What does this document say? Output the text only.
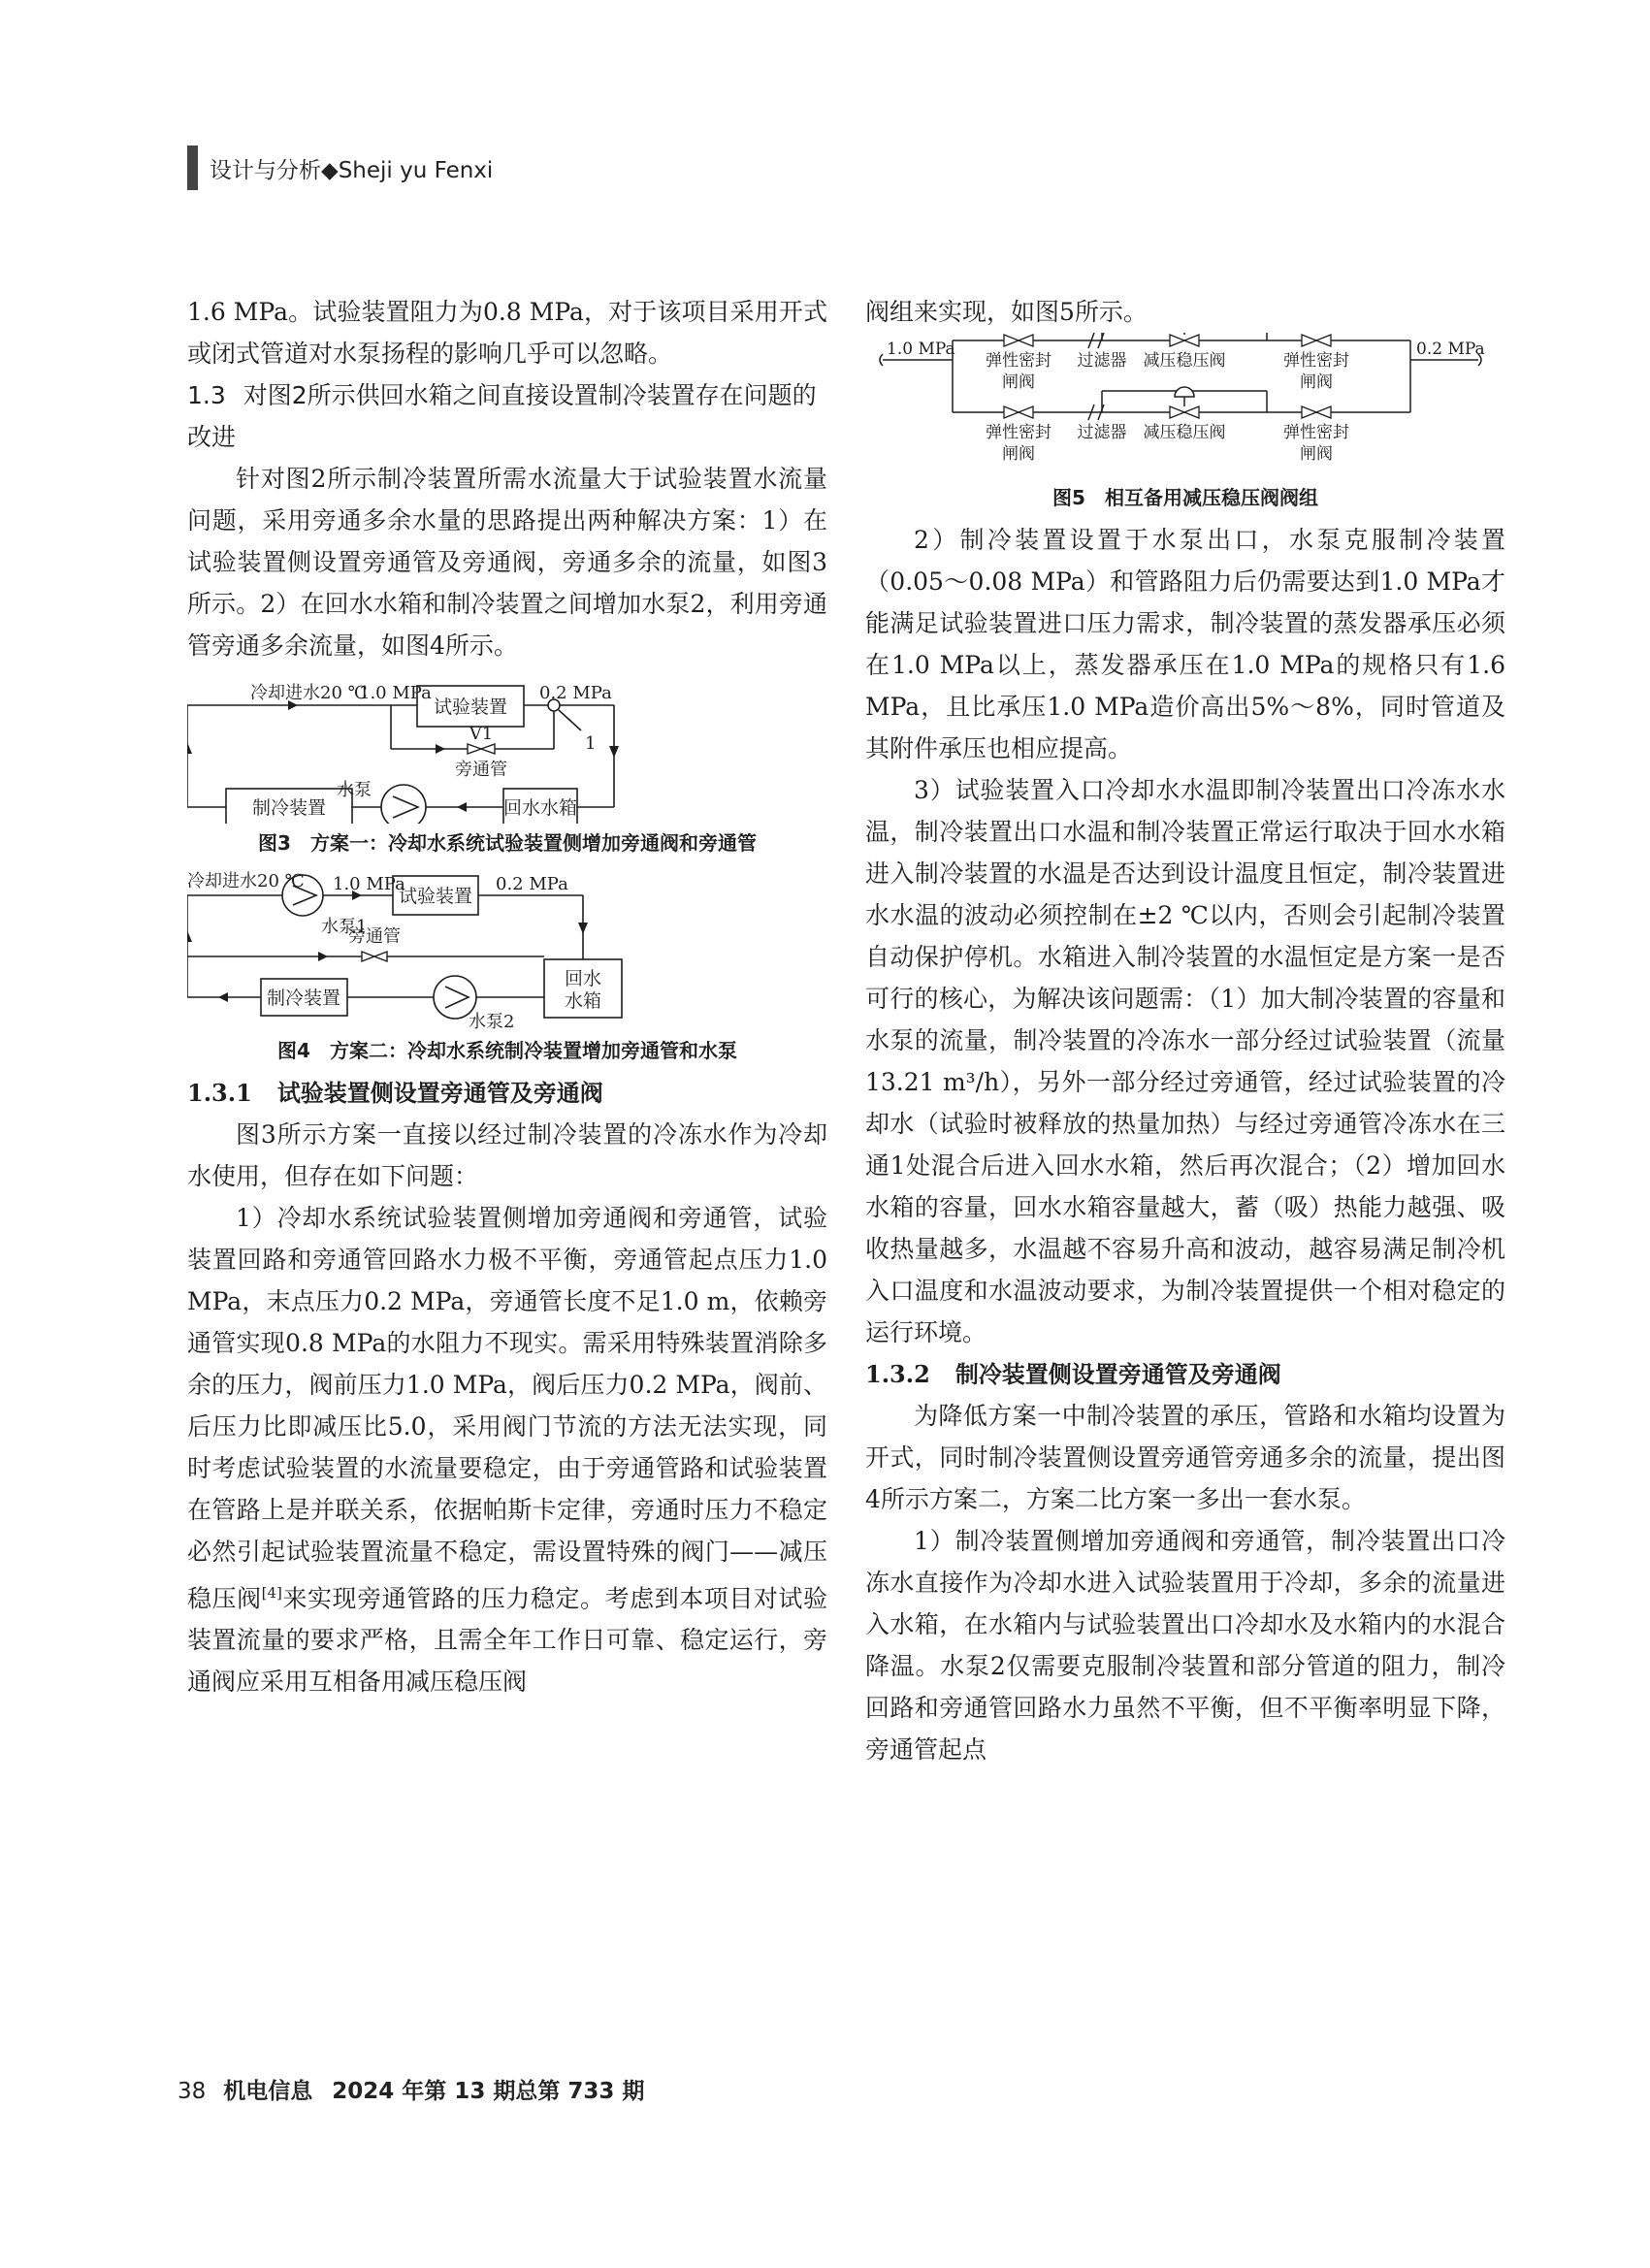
设计与分析◆Sheji yu Fenxi

1.6 MPa。试验装置阻力为0.8 MPa，对于该项目采用开式或闭式管道对水泵扬程的影响几乎可以忽略。

1.3 对图2所示供回水箱之间直接设置制冷装置存在问题的改进

针对图2所示制冷装置所需水流量大于试验装置水流量问题，采用旁通多余水量的思路提出两种解决方案：1）在试验装置侧设置旁通管及旁通阀，旁通多余的流量，如图3所示。2）在回水水箱和制冷装置之间增加水泵2，利用旁通管旁通多余流量，如图4所示。

冷却进水20 ℃
1.0 MPa
试验装置
0.2 MPa
1
V1
旁通管
水泵
制冷装置	回水水箱
图3　方案一：冷却水系统试验装置侧增加旁通阀和旁通管
冷却进水20 ℃ 1.0 MPa
试验装置
0.2 MPa
水泵1
旁通管
回水
水箱
制冷装置
水泵2
图4　方案二：冷却水系统制冷装置增加旁通管和水泵
1.3.1 试验装置侧设置旁通管及旁通阀

图3所示方案一直接以经过制冷装置的冷冻水作为冷却水使用，但存在如下问题：

1）冷却水系统试验装置侧增加旁通阀和旁通管，试验装置回路和旁通管回路水力极不平衡，旁通管起点压力1.0 MPa，末点压力0.2 MPa，旁通管长度不足1.0 m，依赖旁通管实现0.8 MPa的水阻力不现实。需采用特殊装置消除多余的压力，阀前压力1.0 MPa，阀后压力0.2 MPa，阀前、后压力比即减压比5.0，采用阀门节流的方法无法实现，同时考虑试验装置的水流量要稳定，由于旁通管路和试验装置在管路上是并联关系，依据帕斯卡定律，旁通时压力不稳定必然引起试验装置流量不稳定，需设置特殊的阀门——减压稳压阀[4]来实现旁通管路的压力稳定。考虑到本项目对试验装置流量的要求严格，且需全年工作日可靠、稳定运行，旁通阀应采用互相备用减压稳压阀

阀组来实现，如图5所示。

1.0 MPa	0.2 MPa
弹性密封
闸阀
过滤器 减压稳压阀	弹性密封
闸阀
弹性密封
闸阀
过滤器 减压稳压阀	弹性密封
闸阀
图5　相互备用减压稳压阀阀组

2）制冷装置设置于水泵出口，水泵克服制冷装置（0.05～0.08 MPa）和管路阻力后仍需要达到1.0 MPa才能满足试验装置进口压力需求，制冷装置的蒸发器承压必须在1.0 MPa以上，蒸发器承压在1.0 MPa的规格只有1.6 MPa，且比承压1.0 MPa造价高出5%～8%，同时管道及其附件承压也相应提高。

3）试验装置入口冷却水水温即制冷装置出口冷冻水水温，制冷装置出口水温和制冷装置正常运行取决于回水水箱进入制冷装置的水温是否达到设计温度且恒定，制冷装置进水水温的波动必须控制在±2 ℃以内，否则会引起制冷装置自动保护停机。水箱进入制冷装置的水温恒定是方案一是否可行的核心，为解决该问题需：（1）加大制冷装置的容量和水泵的流量，制冷装置的冷冻水一部分经过试验装置（流量13.21 m³/h），另外一部分经过旁通管，经过试验装置的冷却水（试验时被释放的热量加热）与经过旁通管冷冻水在三通1处混合后进入回水水箱，然后再次混合；（2）增加回水水箱的容量，回水水箱容量越大，蓄（吸）热能力越强、吸收热量越多，水温越不容易升高和波动，越容易满足制冷机入口温度和水温波动要求，为制冷装置提供一个相对稳定的运行环境。

1.3.2 制冷装置侧设置旁通管及旁通阀

为降低方案一中制冷装置的承压，管路和水箱均设置为开式，同时制冷装置侧设置旁通管旁通多余的流量，提出图4所示方案二，方案二比方案一多出一套水泵。

1）制冷装置侧增加旁通阀和旁通管，制冷装置出口冷冻水直接作为冷却水进入试验装置用于冷却，多余的流量进入水箱，在水箱内与试验装置出口冷却水及水箱内的水混合降温。水泵2仅需要克服制冷装置和部分管道的阻力，制冷回路和旁通管回路水力虽然不平衡，但不平衡率明显下降，旁通管起点

38 机电信息 2024 年第 13 期总第 733 期
